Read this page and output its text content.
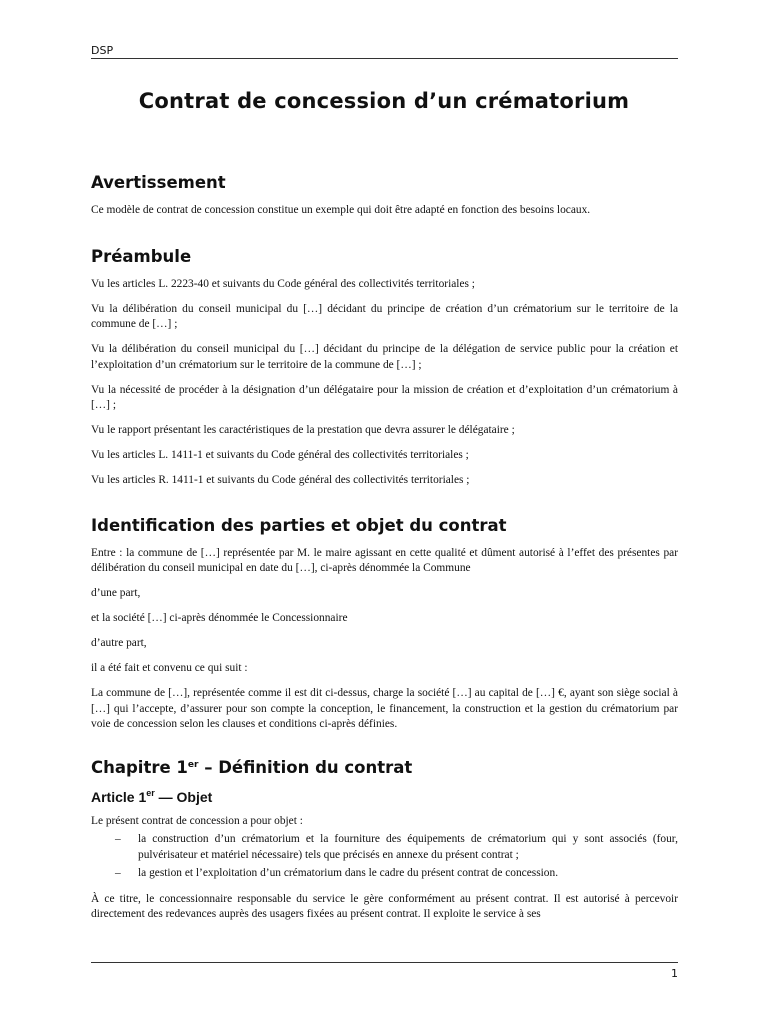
DSP
Contrat de concession d’un crématorium
Avertissement

Ce modèle de contrat de concession constitue un exemple qui doit être adapté en fonction des besoins locaux.

Préambule

Vu les articles L. 2223-40 et suivants du Code général des collectivités territoriales ;

Vu la délibération du conseil municipal du […] décidant du principe de création d’un crématorium sur le territoire de la commune de […] ;

Vu la délibération du conseil municipal du […] décidant du principe de la délégation de service public pour la création et l’exploitation d’un crématorium sur le territoire de la commune de […] ;

Vu la nécessité de procéder à la désignation d’un délégataire pour la mission de création et d’exploitation d’un crématorium à […] ;

Vu le rapport présentant les caractéristiques de la prestation que devra assurer le délégataire ;

Vu les articles L. 1411-1 et suivants du Code général des collectivités territoriales ;

Vu les articles R. 1411-1 et suivants du Code général des collectivités territoriales ;

Identification des parties et objet du contrat

Entre : la commune de […] représentée par M. le maire agissant en cette qualité et dûment autorisé à l’effet des présentes par délibération du conseil municipal en date du […], ci-après dénommée la Commune

d’une part,

et la société […] ci-après dénommée le Concessionnaire

d’autre part,

il a été fait et convenu ce qui suit :

La commune de […], représentée comme il est dit ci-dessus, charge la société […] au capital de […] €, ayant son siège social à […] qui l’accepte, d’assurer pour son compte la conception, le financement, la construction et la gestion du crématorium par voie de concession selon les clauses et conditions ci-après définies.

Chapitre 1er – Définition du contrat
Article 1er — Objet

Le présent contrat de concession a pour objet :

– la construction d’un crématorium et la fourniture des équipements de crématorium qui y sont associés (four, pulvérisateur et matériel nécessaire) tels que précisés en annexe du présent contrat ;
– la gestion et l’exploitation d’un crématorium dans le cadre du présent contrat de concession.

À ce titre, le concessionnaire responsable du service le gère conformément au présent contrat. Il est autorisé à percevoir directement des redevances auprès des usagers fixées au présent contrat. Il exploite le service à ses

1
